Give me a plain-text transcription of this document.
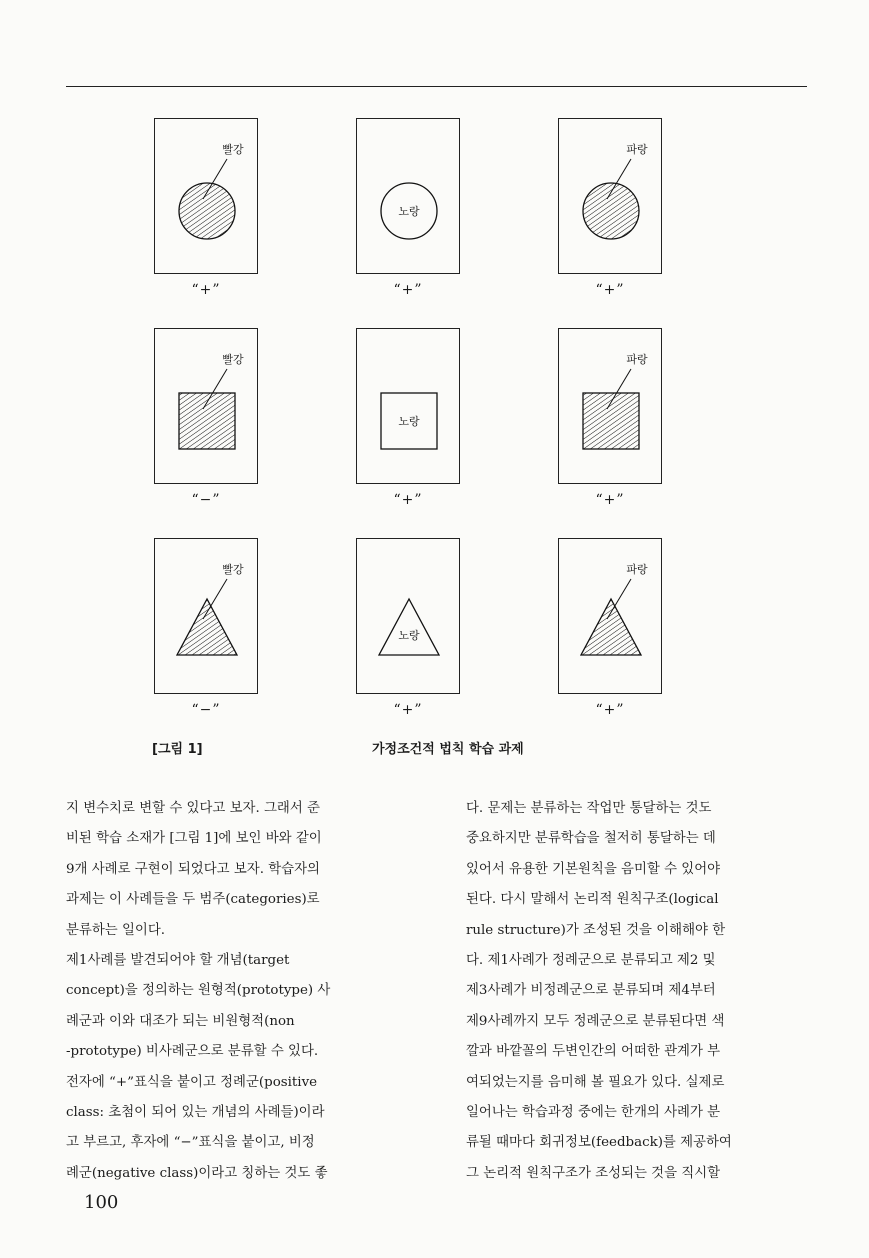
빨강
“+”
노랑
“+”
파랑
“+”
빨강
“−”
노랑
“+”
파랑
“+”
빨강
“−”
노랑
“+”
파랑
“+”
[그림 1]	가정조건적 법칙 학습 과제
지 변수치로 변할 수 있다고 보자. 그래서 준
비된 학습 소재가 [그림 1]에 보인 바와 같이
9개 사례로 구현이 되었다고 보자. 학습자의
과제는 이 사례들을 두 범주(categories)로
분류하는 일이다.
제1사례를 발견되어야 할 개념(target
concept)을 정의하는 원형적(prototype) 사
례군과 이와 대조가 되는 비원형적(non
-prototype) 비사례군으로 분류할 수 있다.
전자에 “+”표식을 붙이고 정례군(positive
class: 초첨이 되어 있는 개념의 사례들)이라
고 부르고, 후자에 “−”표식을 붙이고, 비정
례군(negative class)이라고 칭하는 것도 좋
다. 문제는 분류하는 작업만 통달하는 것도
중요하지만 분류학습을 철저히 통달하는 데
있어서 유용한 기본원칙을 음미할 수 있어야
된다. 다시 말해서 논리적 원칙구조(logical
rule structure)가 조성된 것을 이해해야 한
다. 제1사례가 정례군으로 분류되고 제2 및
제3사례가 비정례군으로 분류되며 제4부터
제9사례까지 모두 정례군으로 분류된다면 색
깔과 바깥꼴의 두변인간의 어떠한 관계가 부
여되었는지를 음미해 볼 필요가 있다. 실제로
일어나는 학습과정 중에는 한개의 사례가 분
류될 때마다 회귀정보(feedback)를 제공하여
그 논리적 원칙구조가 조성되는 것을 직시할
100
